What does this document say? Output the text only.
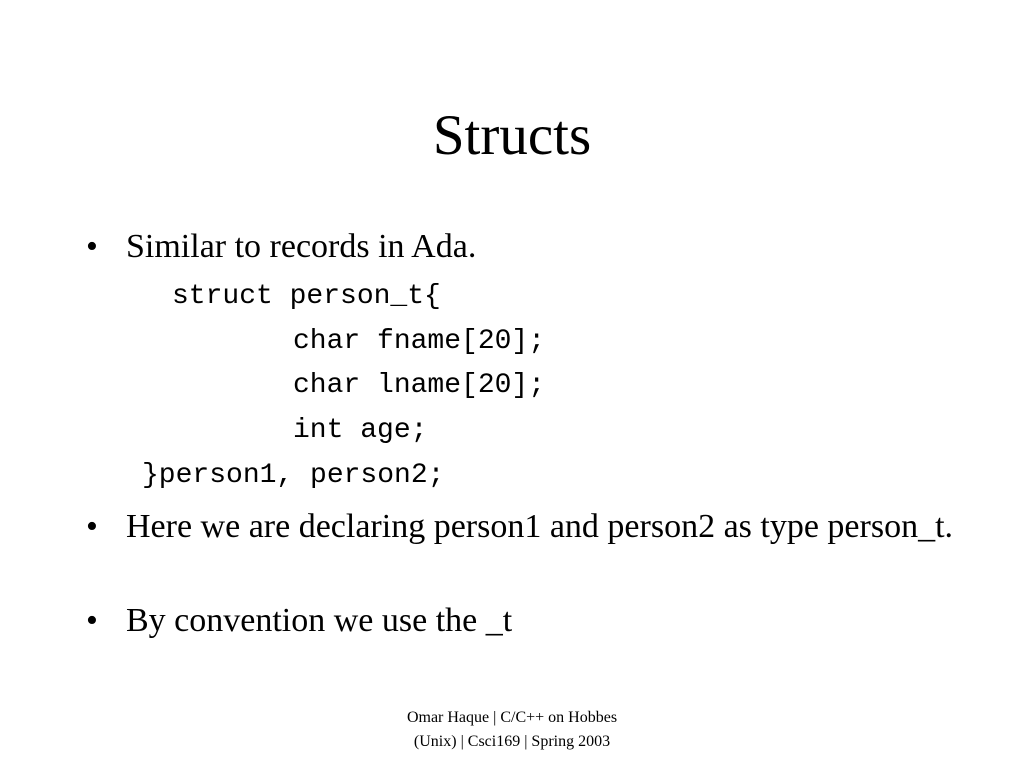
Structs
• Similar to records in Ada.
struct person_t{
char fname[20];
char lname[20];
int age;
}person1, person2;
• Here we are declaring person1 and person2 as type person_t.
• By convention we use the _t
Omar Haque | C/C++ on Hobbes
(Unix) | Csci169 | Spring 2003
